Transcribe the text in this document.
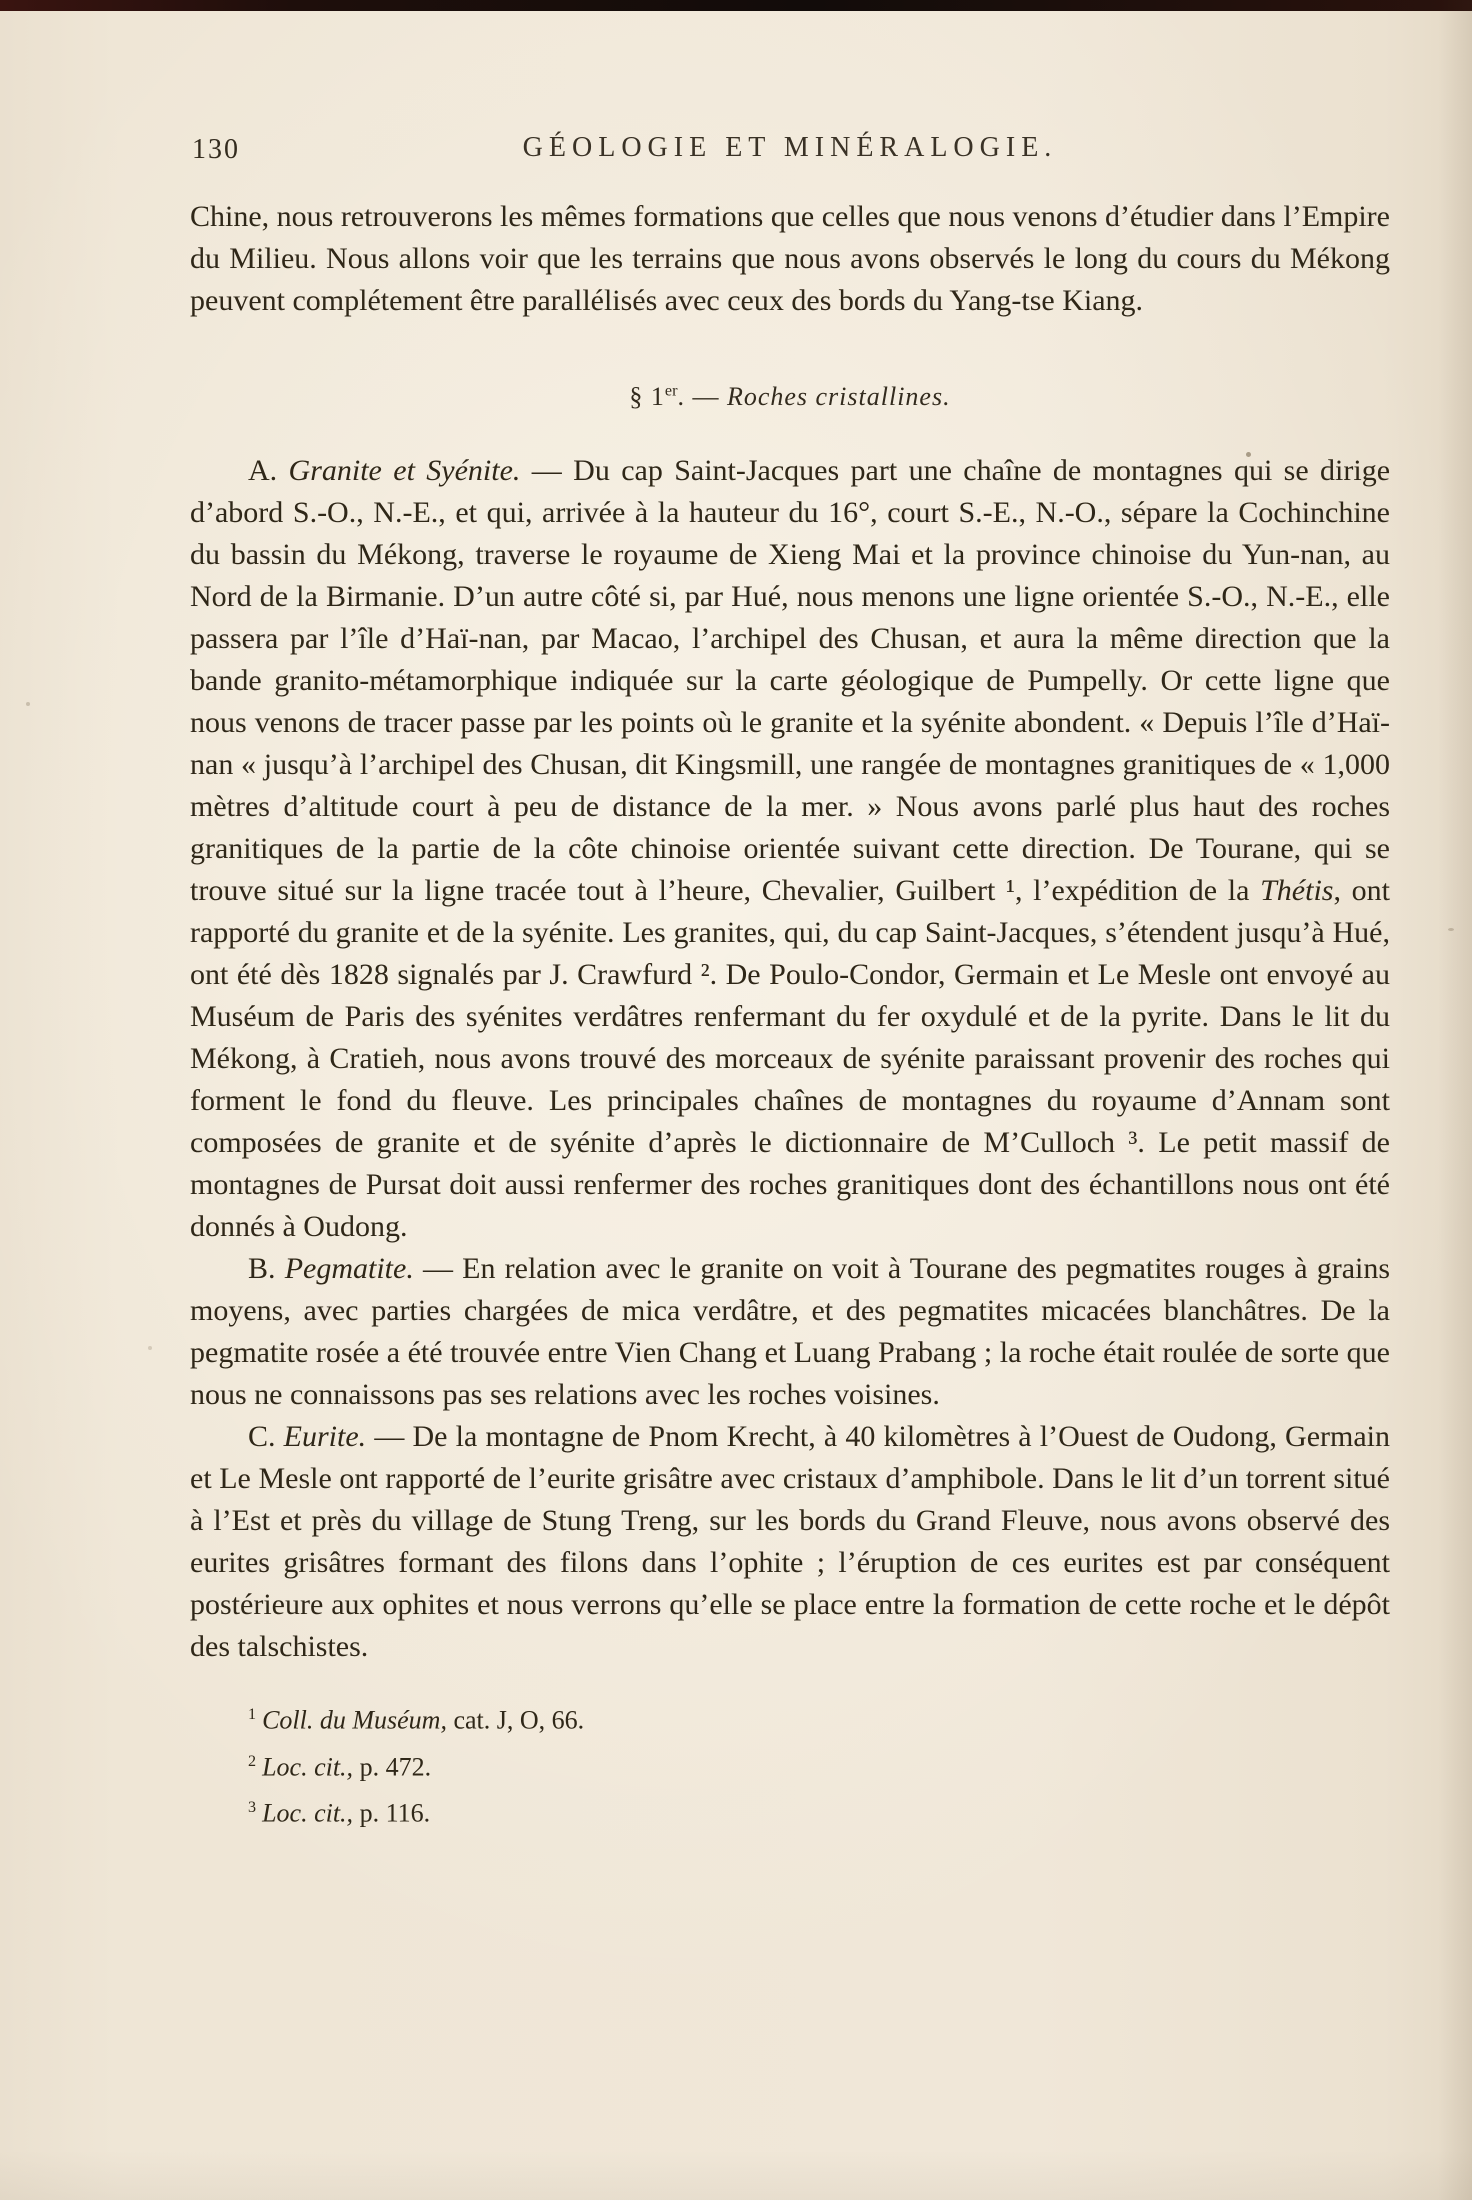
130	GÉOLOGIE ET MINÉRALOGIE.

Chine, nous retrouverons les mêmes formations que celles que nous venons d’étudier dans l’Empire du Milieu. Nous allons voir que les terrains que nous avons observés le long du cours du Mékong peuvent complétement être parallélisés avec ceux des bords du Yang-tse Kiang.

§ 1er. — Roches cristallines.

A. Granite et Syénite. — Du cap Saint-Jacques part une chaîne de montagnes qui se dirige d’abord S.-O., N.-E., et qui, arrivée à la hauteur du 16°, court S.-E., N.-O., sépare la Cochinchine du bassin du Mékong, traverse le royaume de Xieng Mai et la province chinoise du Yun-nan, au Nord de la Birmanie. D’un autre côté si, par Hué, nous menons une ligne orientée S.-O., N.-E., elle passera par l’île d’Haï-nan, par Macao, l’archipel des Chusan, et aura la même direction que la bande granito-métamorphique indiquée sur la carte géologique de Pumpelly. Or cette ligne que nous venons de tracer passe par les points où le granite et la syénite abondent. « Depuis l’île d’Haï-nan « jusqu’à l’archipel des Chusan, dit Kingsmill, une rangée de montagnes granitiques de « 1,000 mètres d’altitude court à peu de distance de la mer. » Nous avons parlé plus haut des roches granitiques de la partie de la côte chinoise orientée suivant cette direction. De Tourane, qui se trouve situé sur la ligne tracée tout à l’heure, Chevalier, Guilbert ¹, l’expédition de la Thétis, ont rapporté du granite et de la syénite. Les granites, qui, du cap Saint-Jacques, s’étendent jusqu’à Hué, ont été dès 1828 signalés par J. Crawfurd ². De Poulo-Condor, Germain et Le Mesle ont envoyé au Muséum de Paris des syénites verdâtres renfermant du fer oxydulé et de la pyrite. Dans le lit du Mékong, à Cratieh, nous avons trouvé des morceaux de syénite paraissant provenir des roches qui forment le fond du fleuve. Les principales chaînes de montagnes du royaume d’Annam sont composées de granite et de syénite d’après le dictionnaire de M’Culloch ³. Le petit massif de montagnes de Pursat doit aussi renfermer des roches granitiques dont des échantillons nous ont été donnés à Oudong.

B. Pegmatite. — En relation avec le granite on voit à Tourane des pegmatites rouges à grains moyens, avec parties chargées de mica verdâtre, et des pegmatites micacées blanchâtres. De la pegmatite rosée a été trouvée entre Vien Chang et Luang Prabang ; la roche était roulée de sorte que nous ne connaissons pas ses relations avec les roches voisines.

C. Eurite. — De la montagne de Pnom Krecht, à 40 kilomètres à l’Ouest de Oudong, Germain et Le Mesle ont rapporté de l’eurite grisâtre avec cristaux d’amphibole. Dans le lit d’un torrent situé à l’Est et près du village de Stung Treng, sur les bords du Grand Fleuve, nous avons observé des eurites grisâtres formant des filons dans l’ophite ; l’éruption de ces eurites est par conséquent postérieure aux ophites et nous verrons qu’elle se place entre la formation de cette roche et le dépôt des talschistes.

$^1$ Coll. du Muséum, cat. J, O, 66.
$^2$ Loc. cit., p. 472.
$^3$ Loc. cit., p. 116.
